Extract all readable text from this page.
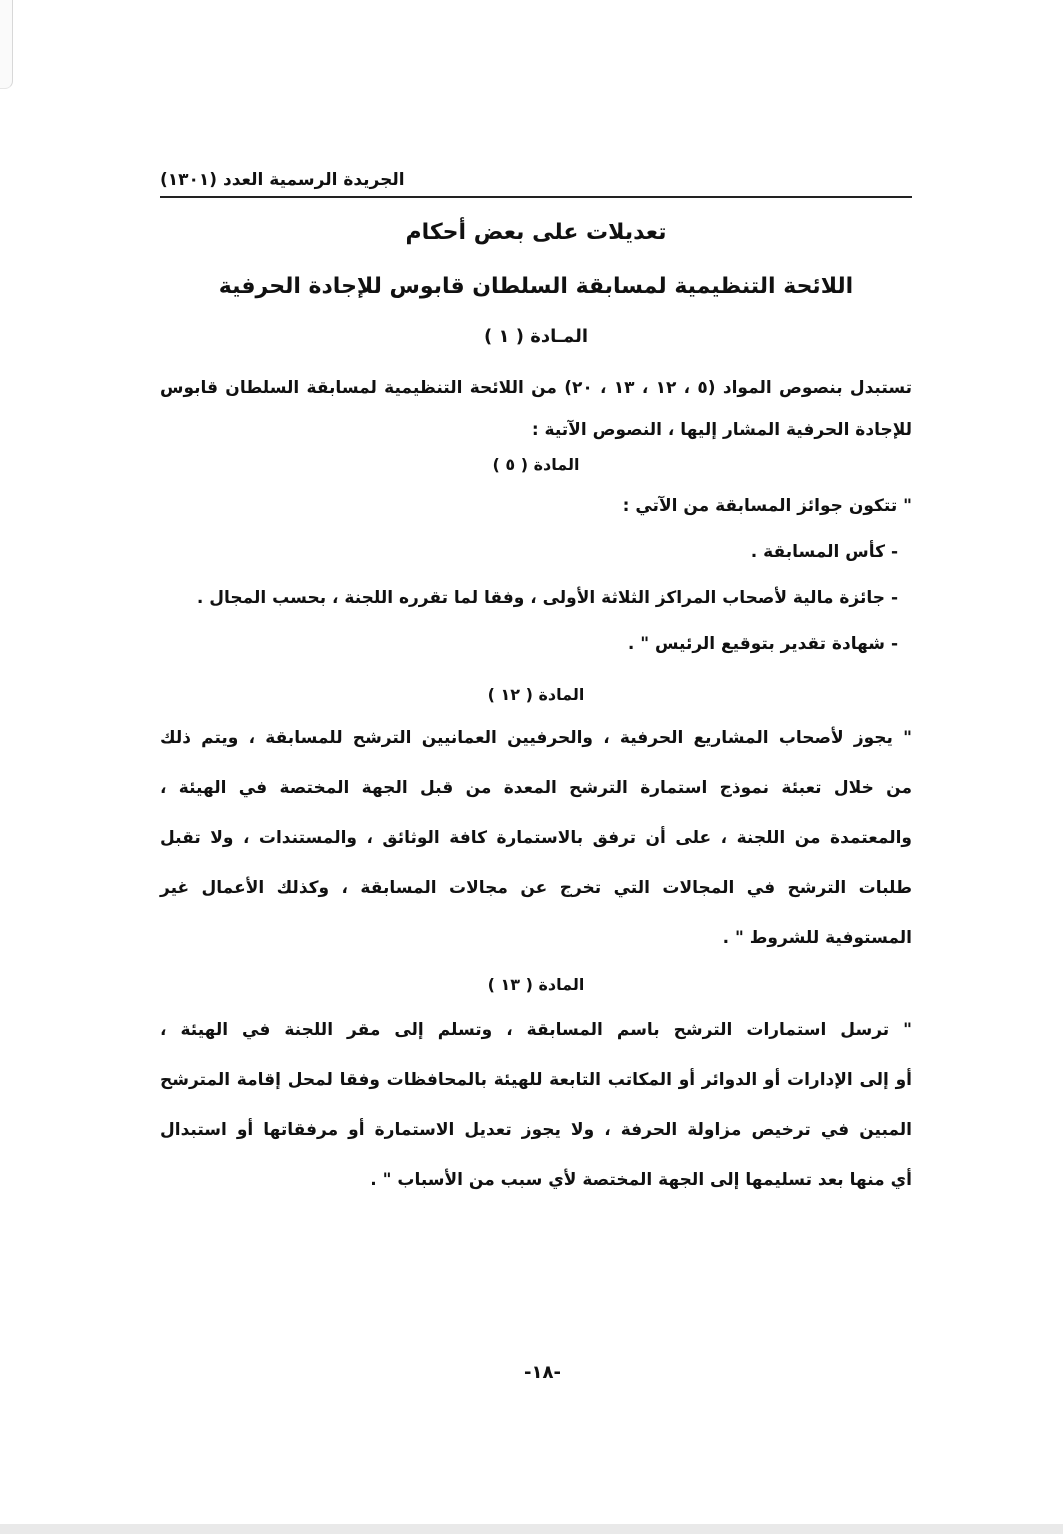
الجريدة الرسمية العدد (١٣٠١)
تعديلات على بعض أحكام
اللائحة التنظيمية لمسابقة السلطان قابوس للإجادة الحرفية
المـادة ( ١ )

تستبدل بنصوص المواد (٥ ، ١٢ ، ١٣ ، ٢٠) من اللائحة التنظيمية لمسابقة السلطان قابوس

للإجادة الحرفية المشار إليها ، النصوص الآتية :

المادة ( ٥ )
" تتكون جوائز المسابقة من الآتي :
- كأس المسابقة .
- جائزة مالية لأصحاب المراكز الثلاثة الأولى ، وفقا لما تقرره اللجنة ، بحسب المجال .
- شهادة تقدير بتوقيع الرئيس " .
المادة ( ١٢ )

" يجوز لأصحاب المشاريع الحرفية ، والحرفيين العمانيين الترشح للمسابقة ، ويتم ذلك

من خلال تعبئة نموذج استمارة الترشح المعدة من قبل الجهة المختصة في الهيئة ،

والمعتمدة من اللجنة ، على أن ترفق بالاستمارة كافة الوثائق ، والمستندات ، ولا تقبل

طلبات الترشح في المجالات التي تخرج عن مجالات المسابقة ، وكذلك الأعمال غير

المستوفية للشروط " .

المادة ( ١٣ )

" ترسل استمارات الترشح باسم المسابقة ، وتسلم إلى مقر اللجنة في الهيئة ،

أو إلى الإدارات أو الدوائر أو المكاتب التابعة للهيئة بالمحافظات وفقا لمحل إقامة المترشح

المبين في ترخيص مزاولة الحرفة ، ولا يجوز تعديل الاستمارة أو مرفقاتها أو استبدال

أي منها بعد تسليمها إلى الجهة المختصة لأي سبب من الأسباب " .

-١٨-
